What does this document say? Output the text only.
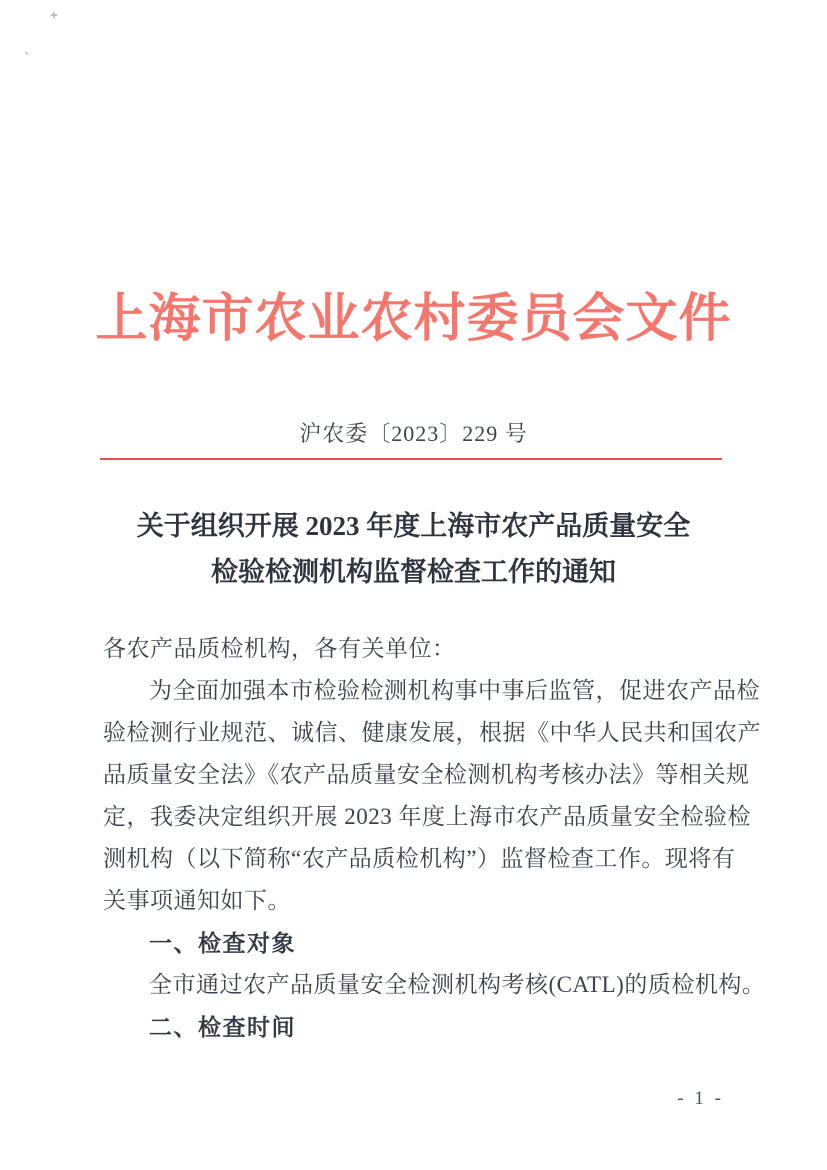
+
ˎ
上海市农业农村委员会文件
沪农委〔2023〕229 号
关于组织开展 2023 年度上海市农产品质量安全
检验检测机构监督检查工作的通知
各农产品质检机构，各有关单位：
为全面加强本市检验检测机构事中事后监管，促进农产品检
验检测行业规范、诚信、健康发展，根据《中华人民共和国农产
品质量安全法》《农产品质量安全检测机构考核办法》等相关规
定，我委决定组织开展 2023 年度上海市农产品质量安全检验检
测机构（以下简称“农产品质检机构”）监督检查工作。现将有
关事项通知如下。
一、检查对象
全市通过农产品质量安全检测机构考核(CATL)的质检机构。
二、检查时间
- 1 -
